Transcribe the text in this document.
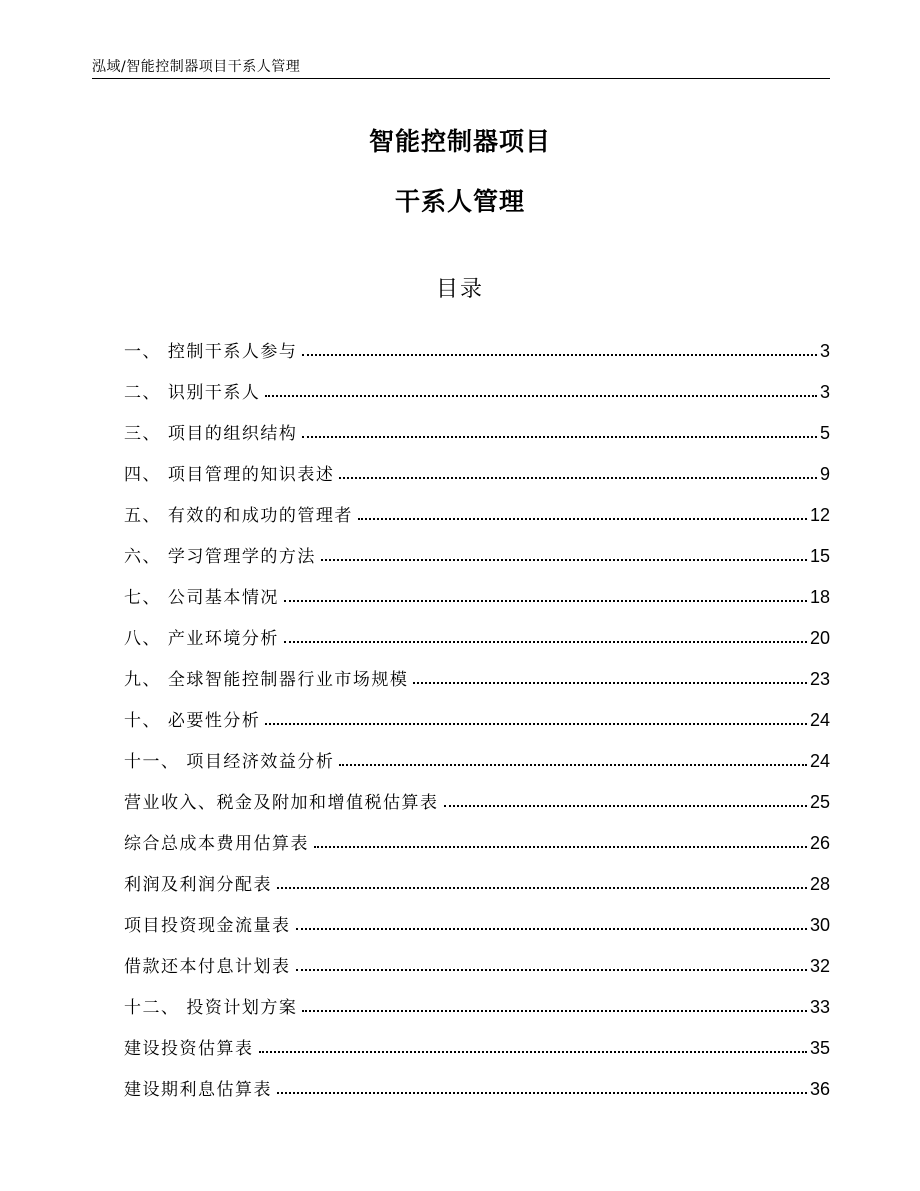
泓域/智能控制器项目干系人管理
智能控制器项目
干系人管理
目录
一、 控制干系人参与	3
二、 识别干系人	3
三、 项目的组织结构	5
四、 项目管理的知识表述	9
五、 有效的和成功的管理者	12
六、 学习管理学的方法	15
七、 公司基本情况	18
八、 产业环境分析	20
九、 全球智能控制器行业市场规模	23
十、 必要性分析	24
十一、 项目经济效益分析	24
营业收入、税金及附加和增值税估算表	25
综合总成本费用估算表	26
利润及利润分配表	28
项目投资现金流量表	30
借款还本付息计划表	32
十二、 投资计划方案	33
建设投资估算表	35
建设期利息估算表	36
